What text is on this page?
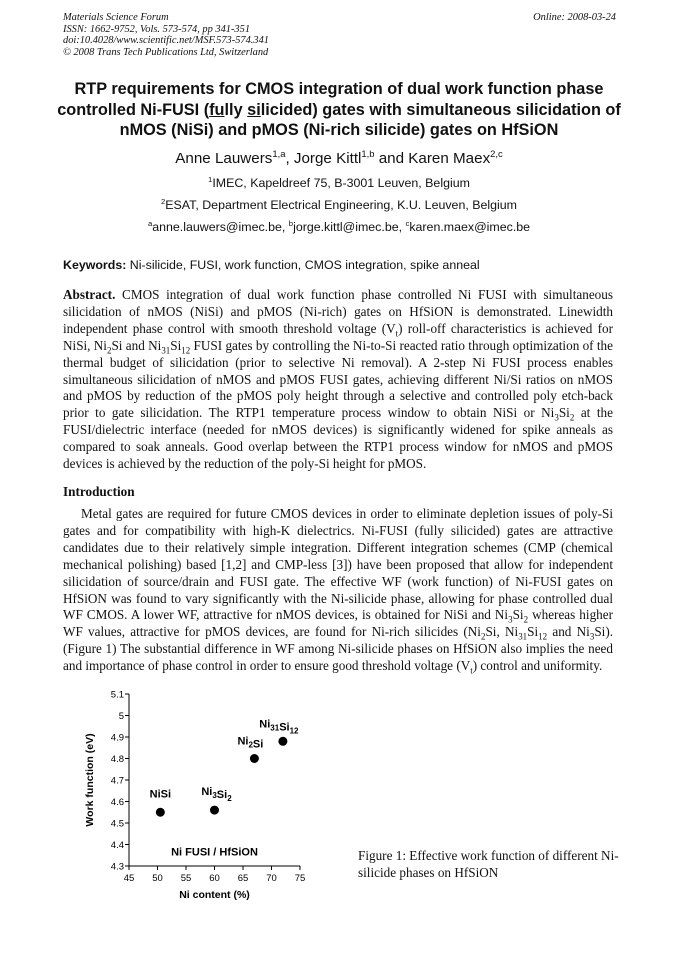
Materials Science Forum
ISSN: 1662-9752, Vols. 573-574, pp 341-351
doi:10.4028/www.scientific.net/MSF.573-574.341
© 2008 Trans Tech Publications Ltd, Switzerland
Online: 2008-03-24
RTP requirements for CMOS integration of dual work function phase controlled Ni-FUSI (fully silicided) gates with simultaneous silicidation of nMOS (NiSi) and pMOS (Ni-rich silicide) gates on HfSiON
Anne Lauwers$^{1,a}$, Jorge Kittl$^{1,b}$ and Karen Maex$^{2,c}$
$^1$IMEC, Kapeldreef 75, B-3001 Leuven, Belgium
$^2$ESAT, Department Electrical Engineering, K.U. Leuven, Belgium
$^a$anne.lauwers@imec.be, $^b$jorge.kittl@imec.be, $^c$karen.maex@imec.be
Keywords: Ni-silicide, FUSI, work function, CMOS integration, spike anneal
Abstract. CMOS integration of dual work function phase controlled Ni FUSI with simultaneous silicidation of nMOS (NiSi) and pMOS (Ni-rich) gates on HfSiON is demonstrated. Linewidth independent phase control with smooth threshold voltage $(V_t)$ roll-off characteristics is achieved for NiSi, $Ni_2Si$ and $Ni_{31}Si_{12}$ FUSI gates by controlling the Ni-to-Si reacted ratio through optimization of the thermal budget of silicidation (prior to selective Ni removal). A 2-step Ni FUSI process enables simultaneous silicidation of nMOS and pMOS FUSI gates, achieving different Ni/Si ratios on nMOS and pMOS by reduction of the pMOS poly height through a selective and controlled poly etch-back prior to gate silicidation. The RTP1 temperature process window to obtain NiSi or $Ni_3Si_2$ at the FUSI/dielectric interface (needed for nMOS devices) is significantly widened for spike anneals as compared to soak anneals. Good overlap between the RTP1 process window for nMOS and pMOS devices is achieved by the reduction of the poly-Si height for pMOS.
Introduction
Metal gates are required for future CMOS devices in order to eliminate depletion issues of poly-Si gates and for compatibility with high-K dielectrics. Ni-FUSI (fully silicided) gates are attractive candidates due to their relatively simple integration. Different integration schemes (CMP (chemical mechanical polishing) based [1,2] and CMP-less [3]) have been proposed that allow for independent silicidation of source/drain and FUSI gate. The effective WF (work function) of Ni-FUSI gates on HfSiON was found to vary significantly with the Ni-silicide phase, allowing for phase controlled dual WF CMOS. A lower WF, attractive for nMOS devices, is obtained for NiSi and $Ni_3Si_2$ whereas higher WF values, attractive for pMOS devices, are found for Ni-rich silicides ($Ni_2Si$, $Ni_{31}Si_{12}$ and $Ni_3Si$). (Figure 1) The substantial difference in WF among Ni-silicide phases on HfSiON also implies the need and importance of phase control in order to ensure good threshold voltage $(V_t)$ control and uniformity.
45 50 55 60 65 70 75
4.3
4.4
4.5
4.6
4.7
4.8
4.9
5
5.1
Ni content (%)
Work function (eV)
Ni FUSI / HfSiON
NiSi	$Ni_3Si_2$
$Ni_2Si$
$Ni_{31}Si_{12}$
Figure 1: Effective work function of different Ni-silicide phases on HfSiON
